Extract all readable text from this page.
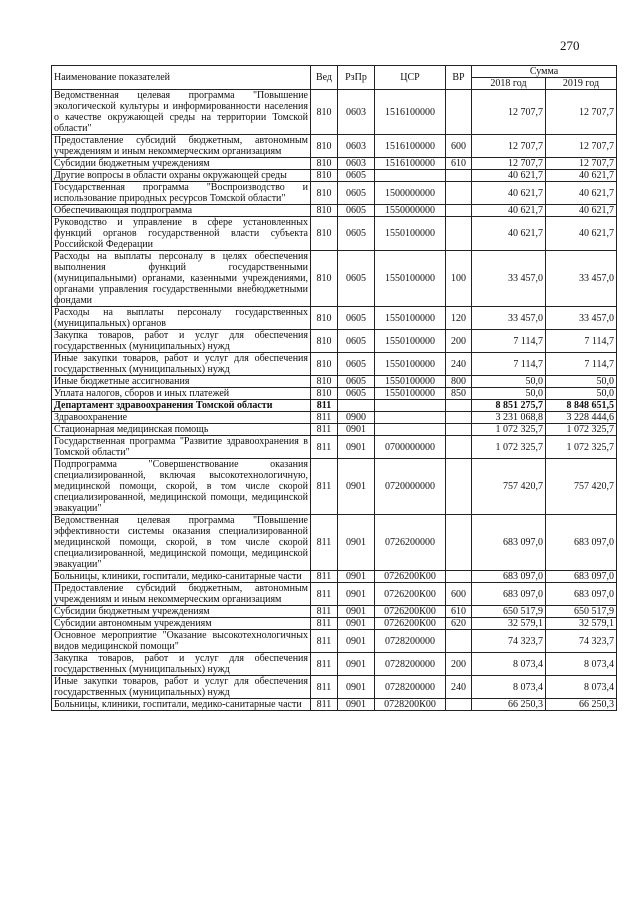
270
Наименование показателей	Вед	РзПр	ЦСР	ВР	Сумма	
					2018 год	2019 год
Ведомственная целевая программа "Повышение экологической культуры и информированности населения о качестве окружающей среды на территории Томской области"	810	0603	1516100000		12 707,7	12 707,7
Предоставление субсидий бюджетным, автономным учреждениям и иным некоммерческим организациям	810	0603	1516100000	600	12 707,7	12 707,7
Субсидии бюджетным учреждениям	810	0603	1516100000	610	12 707,7	12 707,7
Другие вопросы в области охраны окружающей среды	810	0605			40 621,7	40 621,7
Государственная программа "Воспроизводство и использование природных ресурсов Томской области"	810	0605	1500000000		40 621,7	40 621,7
Обеспечивающая подпрограмма	810	0605	1550000000		40 621,7	40 621,7
Руководство и управление в сфере установленных функций органов государственной власти субъекта Российской Федерации	810	0605	1550100000		40 621,7	40 621,7
Расходы на выплаты персоналу в целях обеспечения выполнения функций государственными (муниципальными) органами, казенными учреждениями, органами управления государственными внебюджетными фондами	810	0605	1550100000	100	33 457,0	33 457,0
Расходы на выплаты персоналу государственных (муниципальных) органов	810	0605	1550100000	120	33 457,0	33 457,0
Закупка товаров, работ и услуг для обеспечения государственных (муниципальных) нужд	810	0605	1550100000	200	7 114,7	7 114,7
Иные закупки товаров, работ и услуг для обеспечения государственных (муниципальных) нужд	810	0605	1550100000	240	7 114,7	7 114,7
Иные бюджетные ассигнования	810	0605	1550100000	800	50,0	50,0
Уплата налогов, сборов и иных платежей	810	0605	1550100000	850	50,0	50,0
Департамент здравоохранения Томской области	811				8 851 275,7	8 848 651,5
Здравоохранение	811	0900			3 231 068,8	3 228 444,6
Стационарная медицинская помощь	811	0901			1 072 325,7	1 072 325,7
Государственная программа "Развитие здравоохранения в Томской области"	811	0901	0700000000		1 072 325,7	1 072 325,7
Подпрограмма "Совершенствование оказания специализированной, включая высокотехнологичную, медицинской помощи, скорой, в том числе скорой специализированной, медицинской помощи, медицинской эвакуации"	811	0901	0720000000		757 420,7	757 420,7
Ведомственная целевая программа "Повышение эффективности системы оказания специализированной медицинской помощи, скорой, в том числе скорой специализированной, медицинской помощи, медицинской эвакуации"	811	0901	0726200000		683 097,0	683 097,0
Больницы, клиники, госпитали, медико-санитарные части	811	0901	0726200К00		683 097,0	683 097,0
Предоставление субсидий бюджетным, автономным учреждениям и иным некоммерческим организациям	811	0901	0726200К00	600	683 097,0	683 097,0
Субсидии бюджетным учреждениям	811	0901	0726200К00	610	650 517,9	650 517,9
Субсидии автономным учреждениям	811	0901	0726200К00	620	32 579,1	32 579,1
Основное мероприятие "Оказание высокотехнологичных видов медицинской помощи"	811	0901	0728200000		74 323,7	74 323,7
Закупка товаров, работ и услуг для обеспечения государственных (муниципальных) нужд	811	0901	0728200000	200	8 073,4	8 073,4
Иные закупки товаров, работ и услуг для обеспечения государственных (муниципальных) нужд	811	0901	0728200000	240	8 073,4	8 073,4
Больницы, клиники, госпитали, медико-санитарные части	811	0901	0728200К00		66 250,3	66 250,3
